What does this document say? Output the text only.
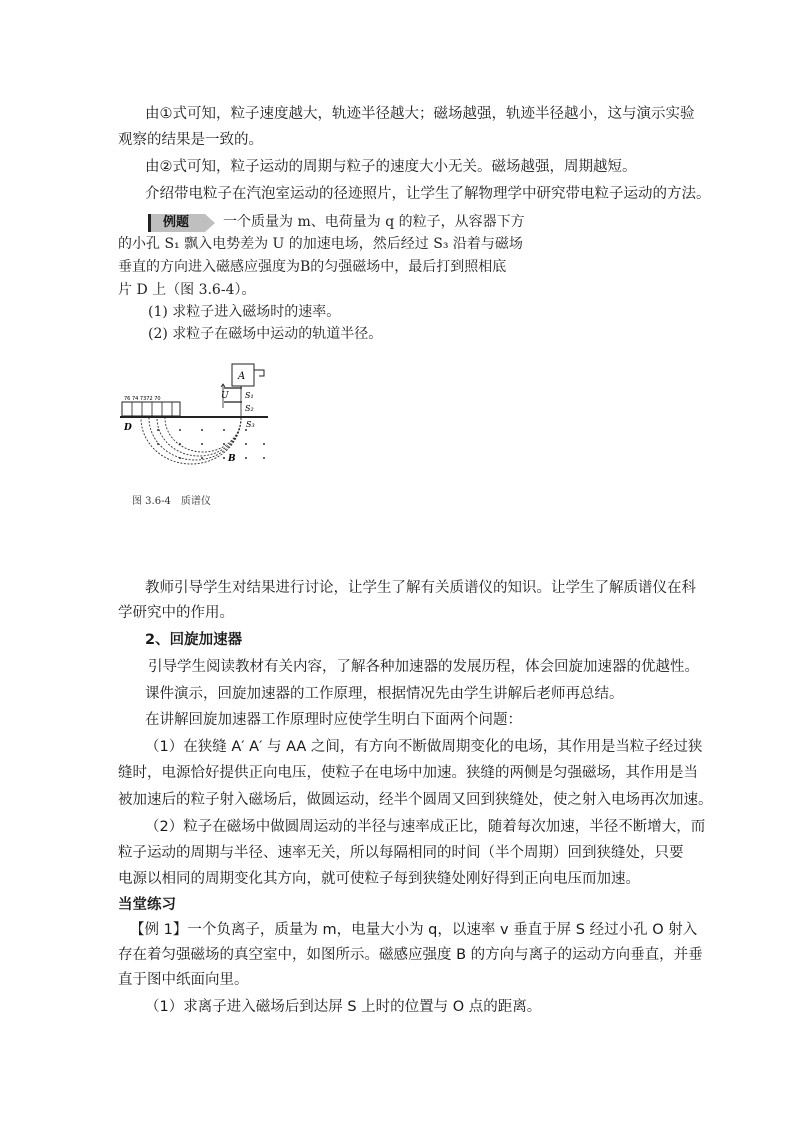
由①式可知，粒子速度越大，轨迹半径越大；磁场越强，轨迹半径越小，这与演示实验
观察的结果是一致的。
由②式可知，粒子运动的周期与粒子的速度大小无关。磁场越强，周期越短。
介绍带电粒子在汽泡室运动的径迹照片，让学生了解物理学中研究带电粒子运动的方法。
例题 一个质量为 m、电荷量为 q 的粒子，从容器下方
的小孔 S₁ 飘入电势差为 U 的加速电场，然后经过 S₃ 沿着与磁场
垂直的方向进入磁感应强度为B的匀强磁场中，最后打到照相底
片 D 上（图 3.6-4）。
(1) 求粒子进入磁场时的速率。
(2) 求粒子在磁场中运动的轨道半径。
A
U S₁
S₂
S₃
76 74 7372 70
D
B
图 3.6-4　质谱仪
教师引导学生对结果进行讨论，让学生了解有关质谱仪的知识。让学生了解质谱仪在科
学研究中的作用。
2、回旋加速器
引导学生阅读教材有关内容，了解各种加速器的发展历程，体会回旋加速器的优越性。
课件演示，回旋加速器的工作原理，根据情况先由学生讲解后老师再总结。
在讲解回旋加速器工作原理时应使学生明白下面两个问题：
（1）在狭缝 A′ A′ 与 AA 之间，有方向不断做周期变化的电场，其作用是当粒子经过狭
缝时，电源恰好提供正向电压，使粒子在电场中加速。狭缝的两侧是匀强磁场，其作用是当
被加速后的粒子射入磁场后，做圆运动，经半个圆周又回到狭缝处，使之射入电场再次加速。
（2）粒子在磁场中做圆周运动的半径与速率成正比，随着每次加速，半径不断增大，而
粒子运动的周期与半径、速率无关，所以每隔相同的时间（半个周期）回到狭缝处，只要
电源以相同的周期变化其方向，就可使粒子每到狭缝处刚好得到正向电压而加速。
当堂练习
【例 1】一个负离子，质量为 m，电量大小为 q，以速率 v 垂直于屏 S 经过小孔 O 射入
存在着匀强磁场的真空室中，如图所示。磁感应强度 B 的方向与离子的运动方向垂直，并垂
直于图中纸面向里。
（1）求离子进入磁场后到达屏 S 上时的位置与 O 点的距离。
